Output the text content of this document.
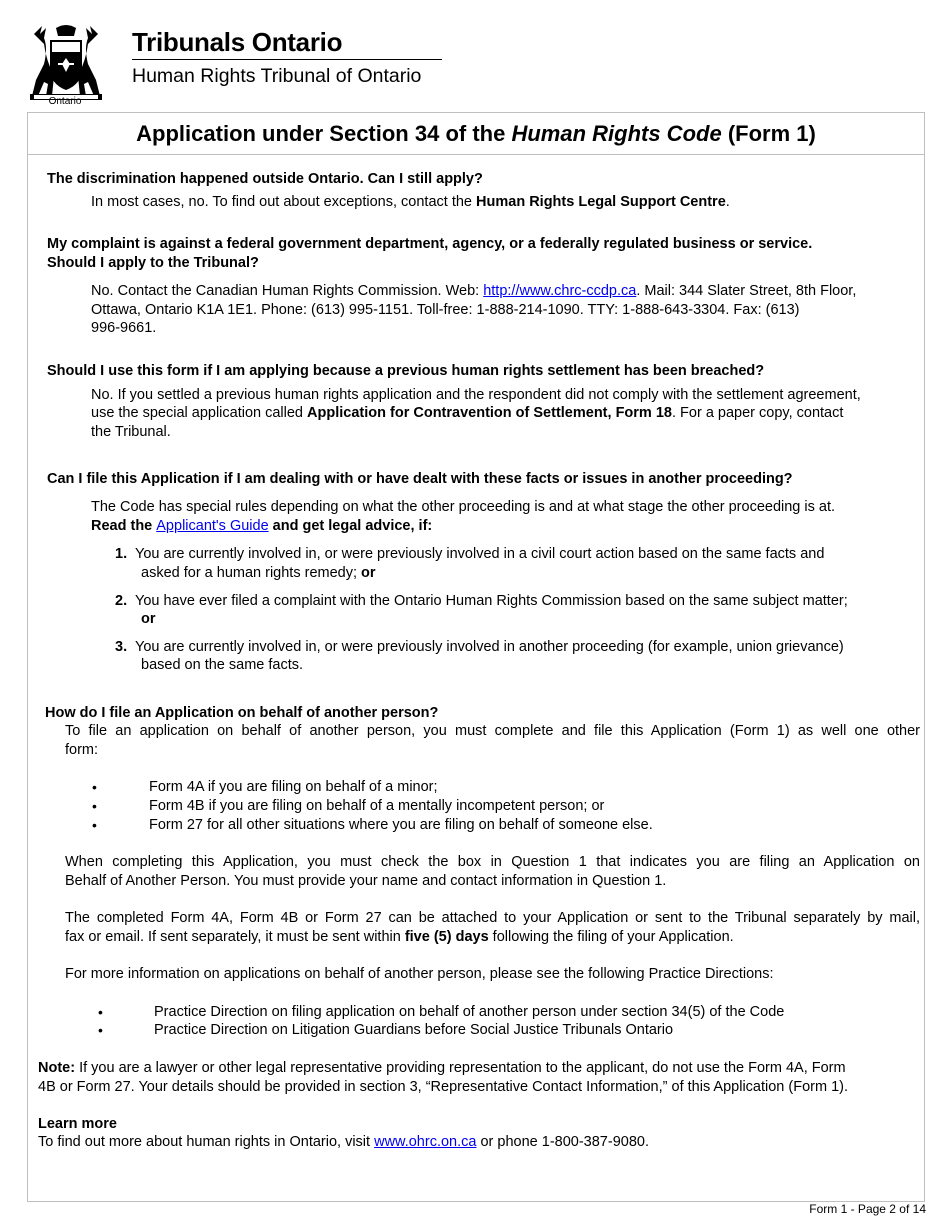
Ontario
Tribunals Ontario
Human Rights Tribunal of Ontario
Application under Section 34 of the
Human Rights Code
(Form 1)
The discrimination happened outside Ontario. Can I still apply?
In most cases, no. To find out about exceptions, contact the Human Rights Legal Support Centre.
My complaint is against a federal government department, agency, or a federally regulated business or service.
Should I apply to the Tribunal?
No. Contact the Canadian Human Rights Commission. Web: http://www.chrc-ccdp.ca. Mail: 344 Slater Street, 8th Floor,
Ottawa, Ontario K1A 1E1. Phone: (613) 995-1151. Toll-free: 1-888-214-1090. TTY: 1-888-643-3304. Fax: (613)
996-9661.
Should I use this form if I am applying because a previous human rights settlement has been breached?
No. If you settled a previous human rights application and the respondent did not comply with the settlement agreement,
use the special application called Application for Contravention of Settlement, Form 18. For a paper copy, contact
the Tribunal.
Can I file this Application if I am dealing with or have dealt with these facts or issues in another proceeding?
The Code has special rules depending on what the other proceeding is and at what stage the other proceeding is at.
Read the Applicant's Guide and get legal advice, if:
1. You are currently involved in, or were previously involved in a civil court action based on the same facts and
asked for a human rights remedy; or
2. You have ever filed a complaint with the Ontario Human Rights Commission based on the same subject matter;
or
3. You are currently involved in, or were previously involved in another proceeding (for example, union grievance)
based on the same facts.
How do I file an Application on behalf of another person?
To file an application on behalf of another person, you must complete and file this Application (Form 1) as well one other
form:
•	Form 4A if you are filing on behalf of a minor;
•	Form 4B if you are filing on behalf of a mentally incompetent person; or
•	Form 27 for all other situations where you are filing on behalf of someone else.
When completing this Application, you must check the box in Question 1 that indicates you are filing an Application on
Behalf of Another Person. You must provide your name and contact information in Question 1.
The completed Form 4A, Form 4B or Form 27 can be attached to your Application or sent to the Tribunal separately by mail,
fax or email. If sent separately, it must be sent within five (5) days following the filing of your Application.
For more information on applications on behalf of another person, please see the following Practice Directions:
•	Practice Direction on filing application on behalf of another person under section 34(5) of the Code
•	Practice Direction on Litigation Guardians before Social Justice Tribunals Ontario
Note: If you are a lawyer or other legal representative providing representation to the applicant, do not use the Form 4A, Form
4B or Form 27. Your details should be provided in section 3, “Representative Contact Information,” of this Application (Form 1).
Learn more
To find out more about human rights in Ontario, visit www.ohrc.on.ca or phone 1-800-387-9080.
Form 1 - Page 2 of 14
